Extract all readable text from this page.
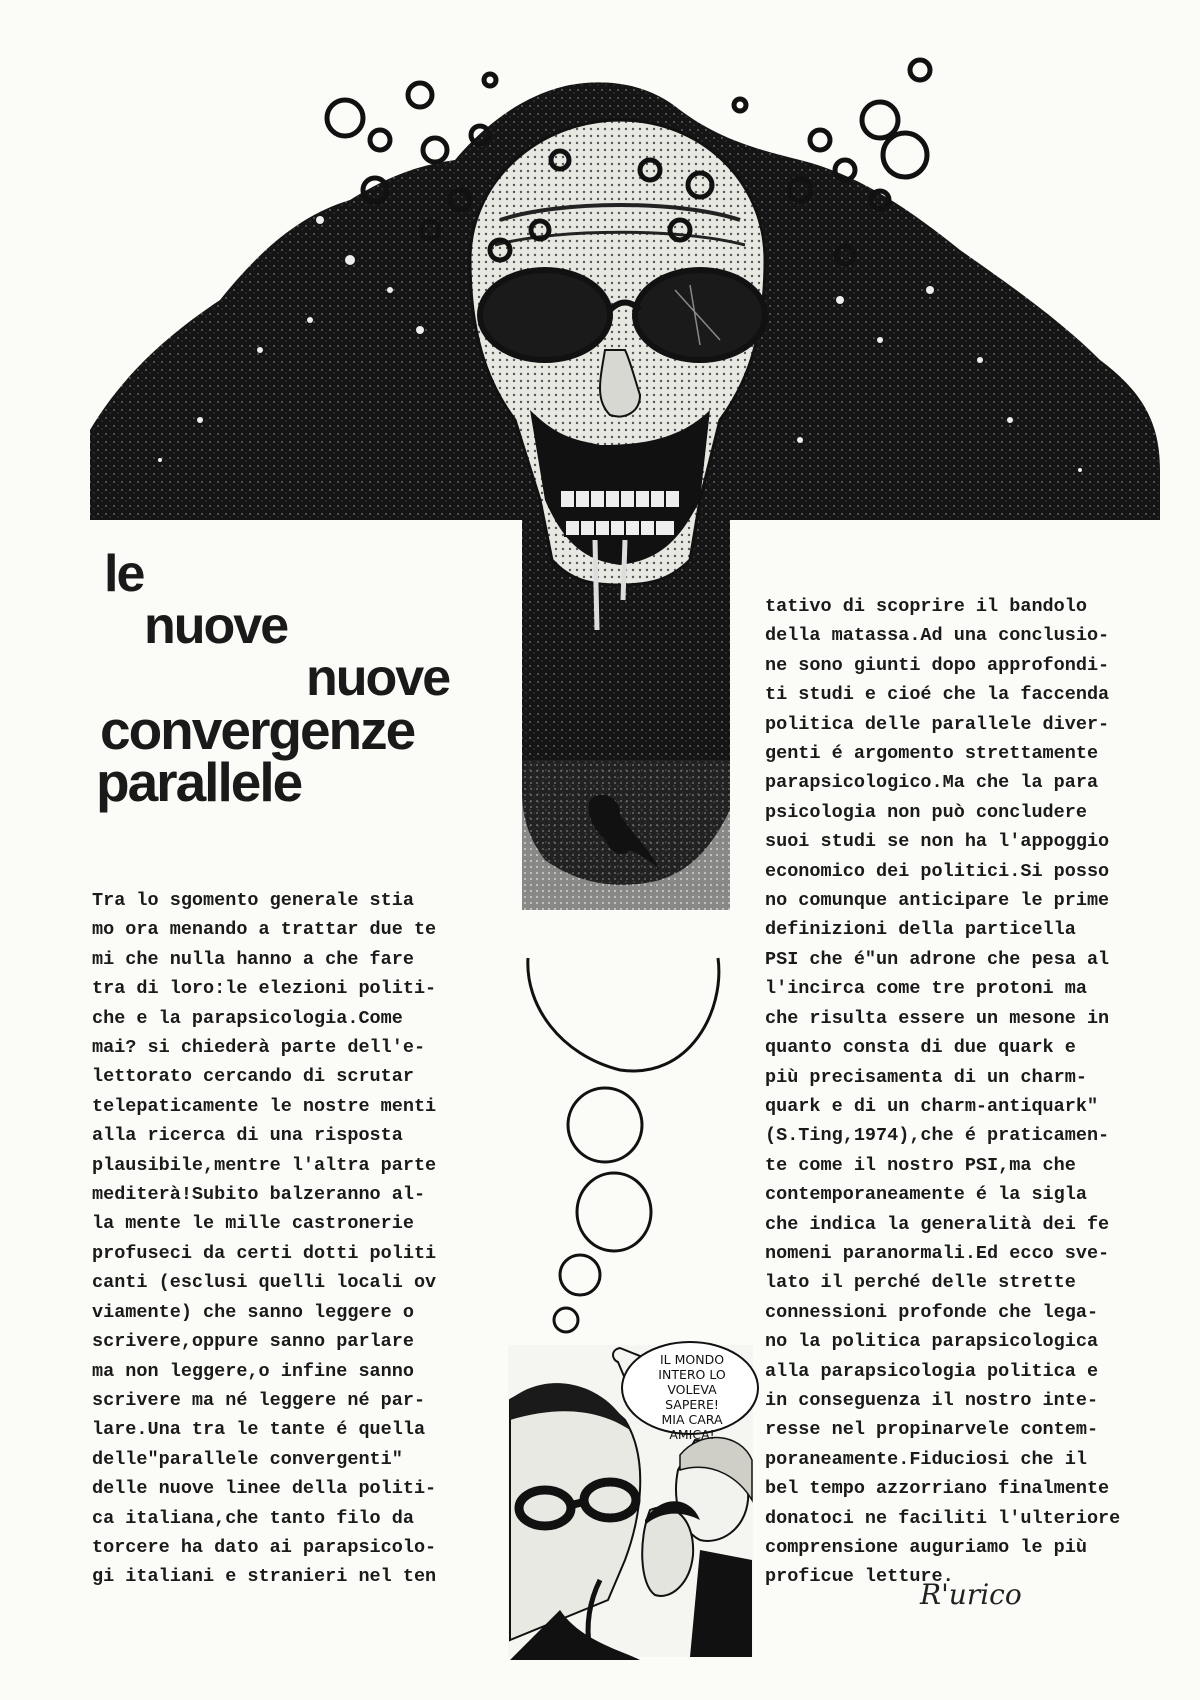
le
nuove
nuove
convergenze
parallele

Tra lo sgomento generale stia
mo ora menando a trattar due te
mi che nulla hanno a che fare
tra di loro:le elezioni politi-
che e la parapsicologia.Come
mai? si chiederà parte dell'e-
lettorato cercando di scrutar
telepaticamente le nostre menti
alla ricerca di una risposta
plausibile,mentre l'altra parte
mediterà!Subito balzeranno al-
la mente le mille castronerie
profuseci da certi dotti politi
canti (esclusi quelli locali ov
viamente) che sanno leggere o
scrivere,oppure sanno parlare
ma non leggere,o infine sanno
scrivere ma né leggere né par-
lare.Una tra le tante é quella
delle"parallele convergenti"
delle nuove linee della politi-
ca italiana,che tanto filo da
torcere ha dato ai parapsicolo-
gi italiani e stranieri nel ten

tativo di scoprire il bandolo
della matassa.Ad una conclusio-
ne sono giunti dopo approfondi-
ti studi e cioé che la faccenda
politica delle parallele diver-
genti é argomento strettamente
parapsicologico.Ma che la para
psicologia non può concludere
suoi studi se non ha l'appoggio
economico dei politici.Si posso
no comunque anticipare le prime
definizioni della particella
PSI che é"un adrone che pesa al
l'incirca come tre protoni ma
che risulta essere un mesone in
quanto consta di due quark e
più precisamenta di un charm-
quark e di un charm-antiquark"
(S.Ting,1974),che é praticamen-
te come il nostro PSI,ma che
contemporaneamente é la sigla
che indica la generalità dei fe
nomeni paranormali.Ed ecco sve-
lato il perché delle strette
connessioni profonde che lega-
no la politica parapsicologica
alla parapsicologia politica e
in conseguenza il nostro inte-
resse nel propinarvele contem-
poraneamente.Fiduciosi che il
bel tempo azzorriano finalmente
donatoci ne faciliti l'ulteriore
comprensione auguriamo le più
proficue letture.

IL MONDO
INTERO LO
VOLEVA
SAPERE!
MIA CARA
AMICA!
R'urico
